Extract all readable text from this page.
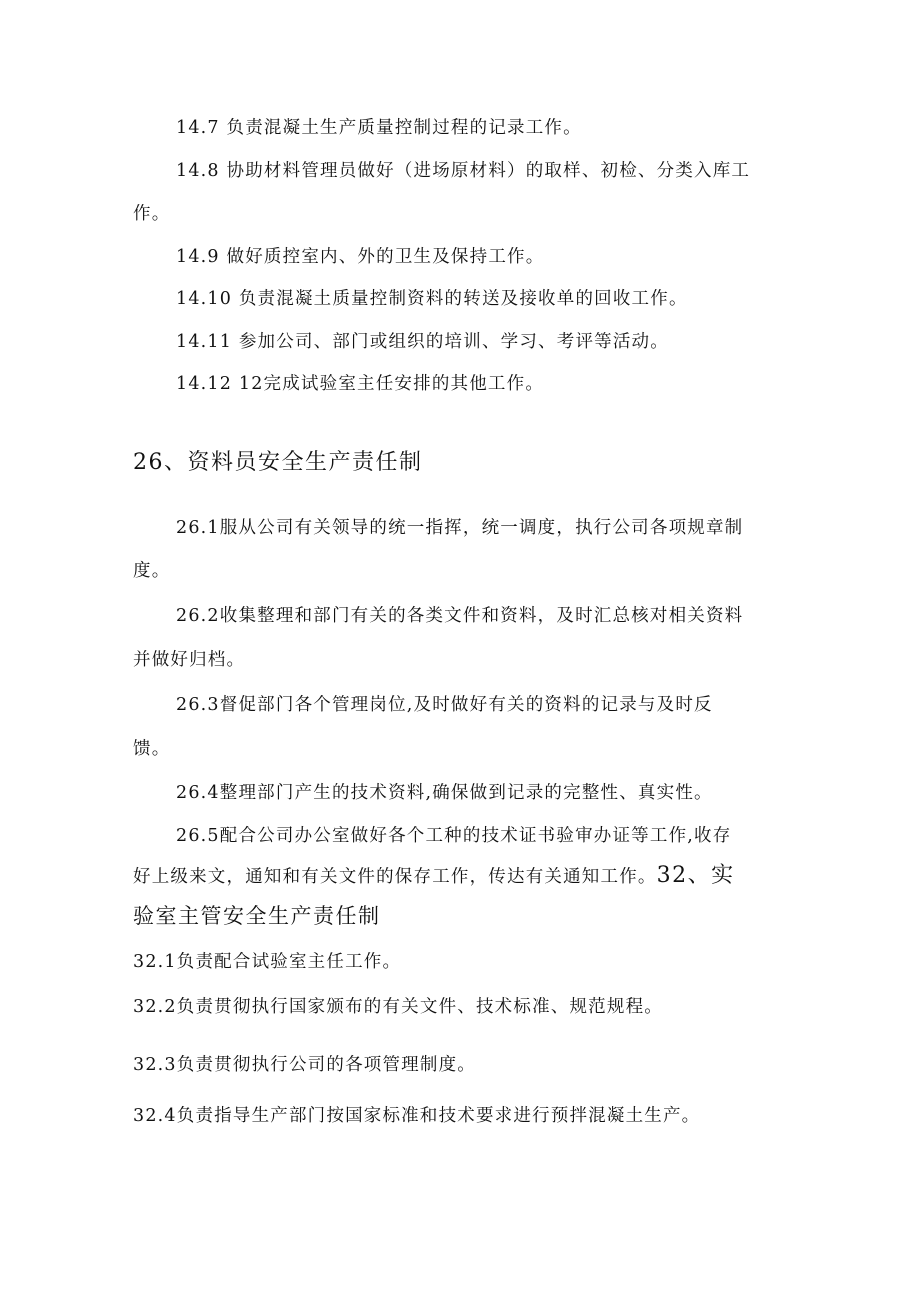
14.7 负责混凝土生产质量控制过程的记录工作。
14.8 协助材料管理员做好（进场原材料）的取样、初检、分类入库工
作。
14.9 做好质控室内、外的卫生及保持工作。
14.10 负责混凝土质量控制资料的转送及接收单的回收工作。
14.11 参加公司、部门或组织的培训、学习、考评等活动。
14.12 12完成试验室主任安排的其他工作。
26、资料员安全生产责任制
26.1服从公司有关领导的统一指挥，统一调度，执行公司各项规章制
度。
26.2收集整理和部门有关的各类文件和资料，及时汇总核对相关资料
并做好归档。
26.3督促部门各个管理岗位,及时做好有关的资料的记录与及时反
馈。
26.4整理部门产生的技术资料,确保做到记录的完整性、真实性。
26.5配合公司办公室做好各个工种的技术证书验审办证等工作,收存
好上级来文，通知和有关文件的保存工作，传达有关通知工作。32、实
验室主管安全生产责任制
32.1负责配合试验室主任工作。
32.2负责贯彻执行国家颁布的有关文件、技术标准、规范规程。
32.3负责贯彻执行公司的各项管理制度。
32.4负责指导生产部门按国家标准和技术要求进行预拌混凝土生产。
